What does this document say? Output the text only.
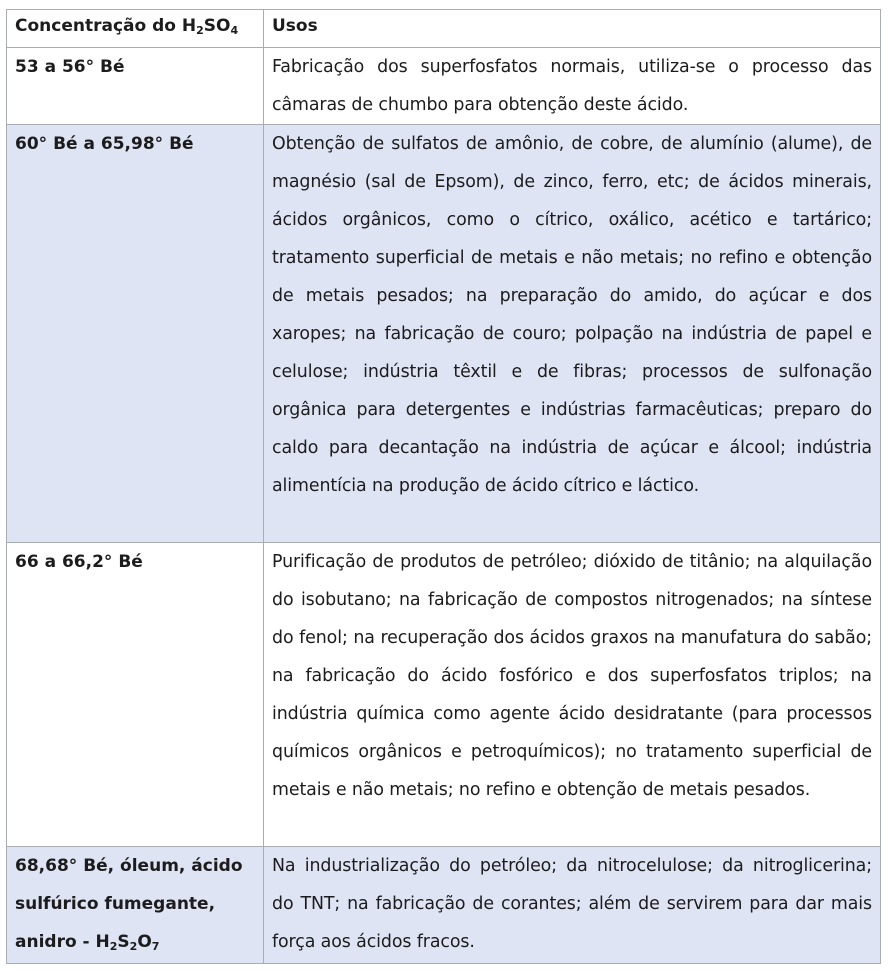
Concentração do $H_2SO_4$	Usos
53 a 56° Bé	Fabricação dos superfosfatos normais, utiliza-se o processo das câmaras de chumbo para obtenção deste ácido.
60° Bé a 65,98° Bé	Obtenção de sulfatos de amônio, de cobre, de alumínio (alume), de magnésio (sal de Epsom), de zinco, ferro, etc; de ácidos minerais, ácidos orgânicos, como o cítrico, oxálico, acético e tartárico; tratamento superficial de metais e não metais; no refino e obtenção de metais pesados; na preparação do amido, do açúcar e dos xaropes; na fabricação de couro; polpação na indústria de papel e celulose; indústria têxtil e de fibras; processos de sulfonação orgânica para detergentes e indústrias farmacêuticas; preparo do caldo para decantação na indústria de açúcar e álcool; indústria alimentícia na produção de ácido cítrico e láctico.
66 a 66,2° Bé	Purificação de produtos de petróleo; dióxido de titânio; na alquilação do isobutano; na fabricação de compostos nitrogenados; na síntese do fenol; na recuperação dos ácidos graxos na manufatura do sabão; na fabricação do ácido fosfórico e dos superfosfatos triplos; na indústria química como agente ácido desidratante (para processos químicos orgânicos e petroquímicos); no tratamento superficial de metais e não metais; no refino e obtenção de metais pesados.
68,68° Bé, óleum, ácido sulfúrico fumegante, anidro - $H_2S_2O_7$	Na industrialização do petróleo; da nitrocelulose; da nitroglicerina; do TNT; na fabricação de corantes; além de servirem para dar mais força aos ácidos fracos.
